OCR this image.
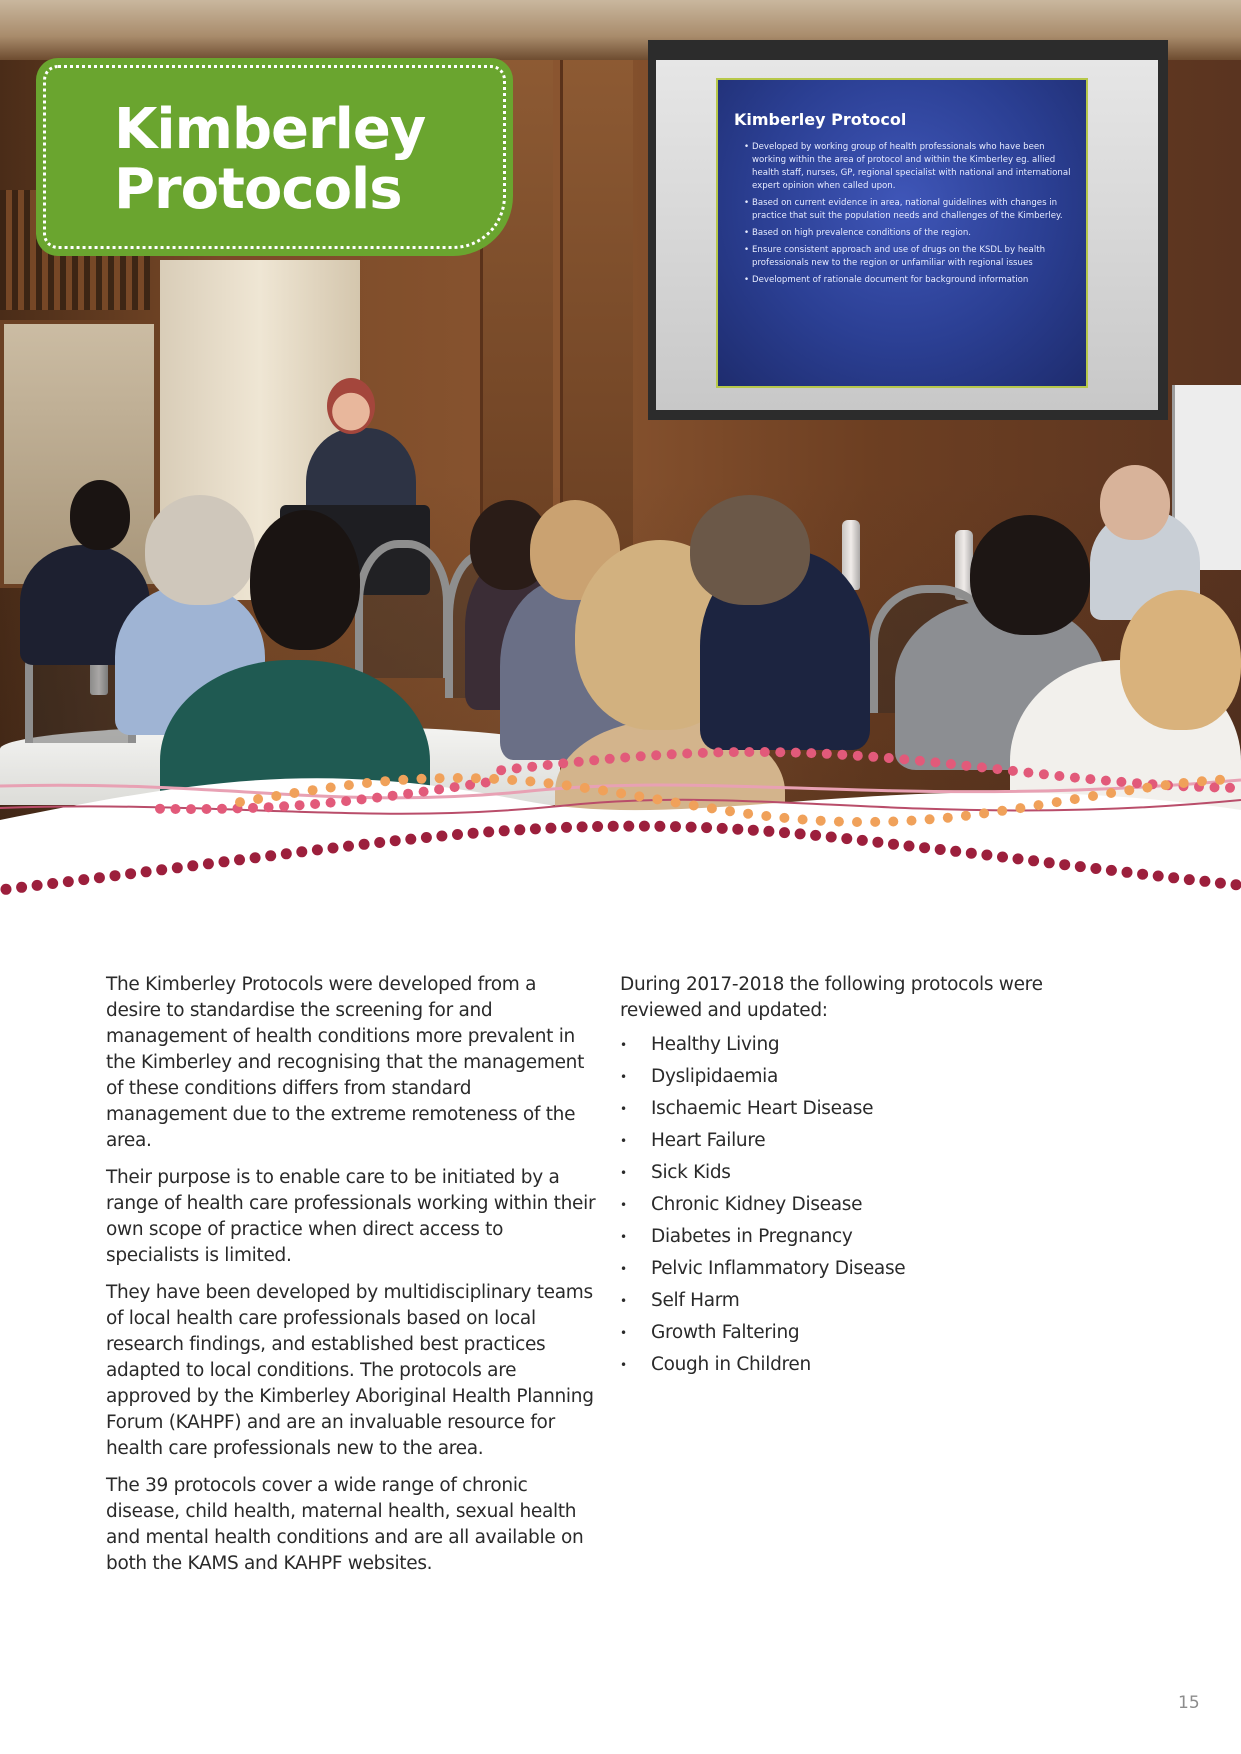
Kimberley Protocol
• Developed by working group of health professionals who have been working within the area of protocol and within the Kimberley eg. allied health staff, nurses, GP, regional specialist with national and international expert opinion when called upon.
• Based on current evidence in area, national guidelines with changes in practice that suit the population needs and challenges of the Kimberley.
• Based on high prevalence conditions of the region.
• Ensure consistent approach and use of drugs on the KSDL by health professionals new to the region or unfamiliar with regional issues
• Development of rationale document for background information
Kimberley
Protocols

The Kimberley Protocols were developed from a desire to standardise the screening for and management of health conditions more prevalent in the Kimberley and recognising that the management of these conditions differs from standard management due to the extreme remoteness of the area.

Their purpose is to enable care to be initiated by a range of health care professionals working within their own scope of practice when direct access to specialists is limited.

They have been developed by multidisciplinary teams of local health care professionals based on local research findings, and established best practices adapted to local conditions. The protocols are approved by the Kimberley Aboriginal Health Planning Forum (KAHPF) and are an invaluable resource for health care professionals new to the area.

The 39 protocols cover a wide range of chronic disease, child health, maternal health, sexual health and mental health conditions and are all available on both the KAMS and KAHPF websites.

During 2017-2018 the following protocols were reviewed and updated:

• Healthy Living
• Dyslipidaemia
• Ischaemic Heart Disease
• Heart Failure
• Sick Kids
• Chronic Kidney Disease
• Diabetes in Pregnancy
• Pelvic Inflammatory Disease
• Self Harm
• Growth Faltering
• Cough in Children
15
